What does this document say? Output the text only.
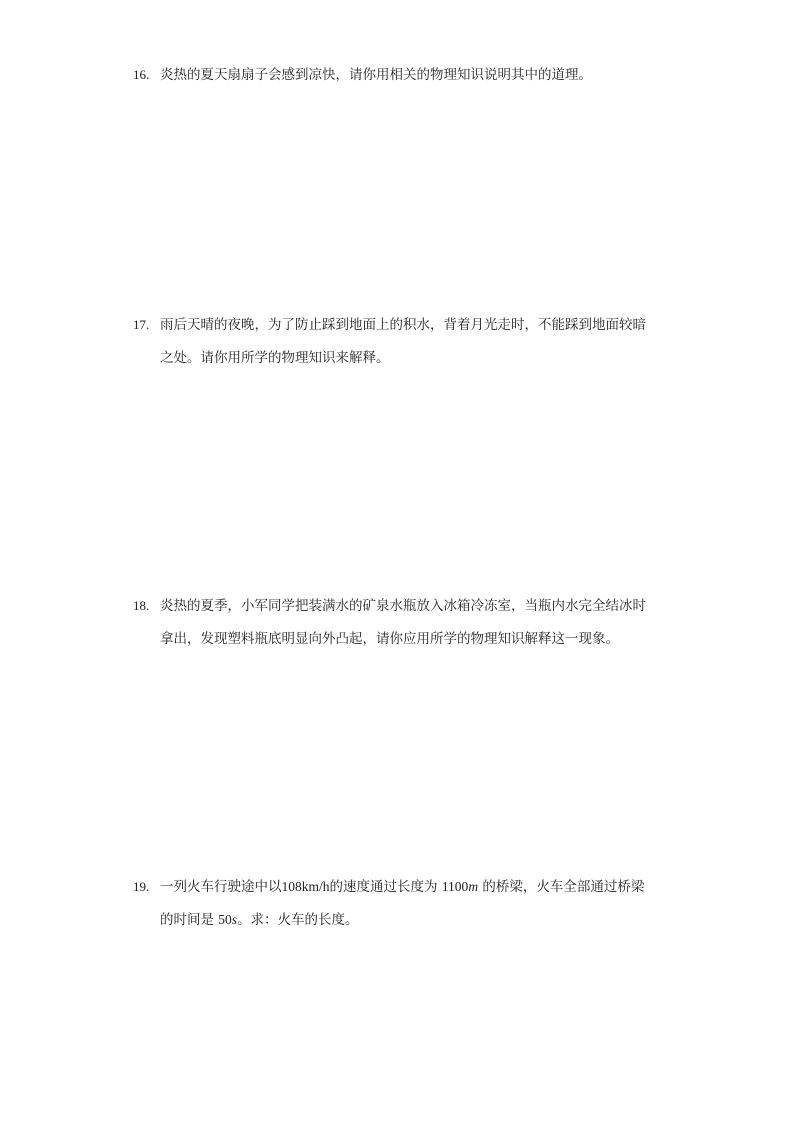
16. 炎热的夏天扇扇子会感到凉快，请你用相关的物理知识说明其中的道理。
17. 雨后天晴的夜晚，为了防止踩到地面上的积水，背着月光走时，不能踩到地面较暗
之处。请你用所学的物理知识来解释。
18. 炎热的夏季，小军同学把装满水的矿泉水瓶放入冰箱冷冻室，当瓶内水完全结冰时
拿出，发现塑料瓶底明显向外凸起，请你应用所学的物理知识解释这一现象。
19. 一列火车行驶途中以108km/h的速度通过长度为 1100m 的桥梁，火车全部通过桥梁
的时间是 50s。求：火车的长度。
